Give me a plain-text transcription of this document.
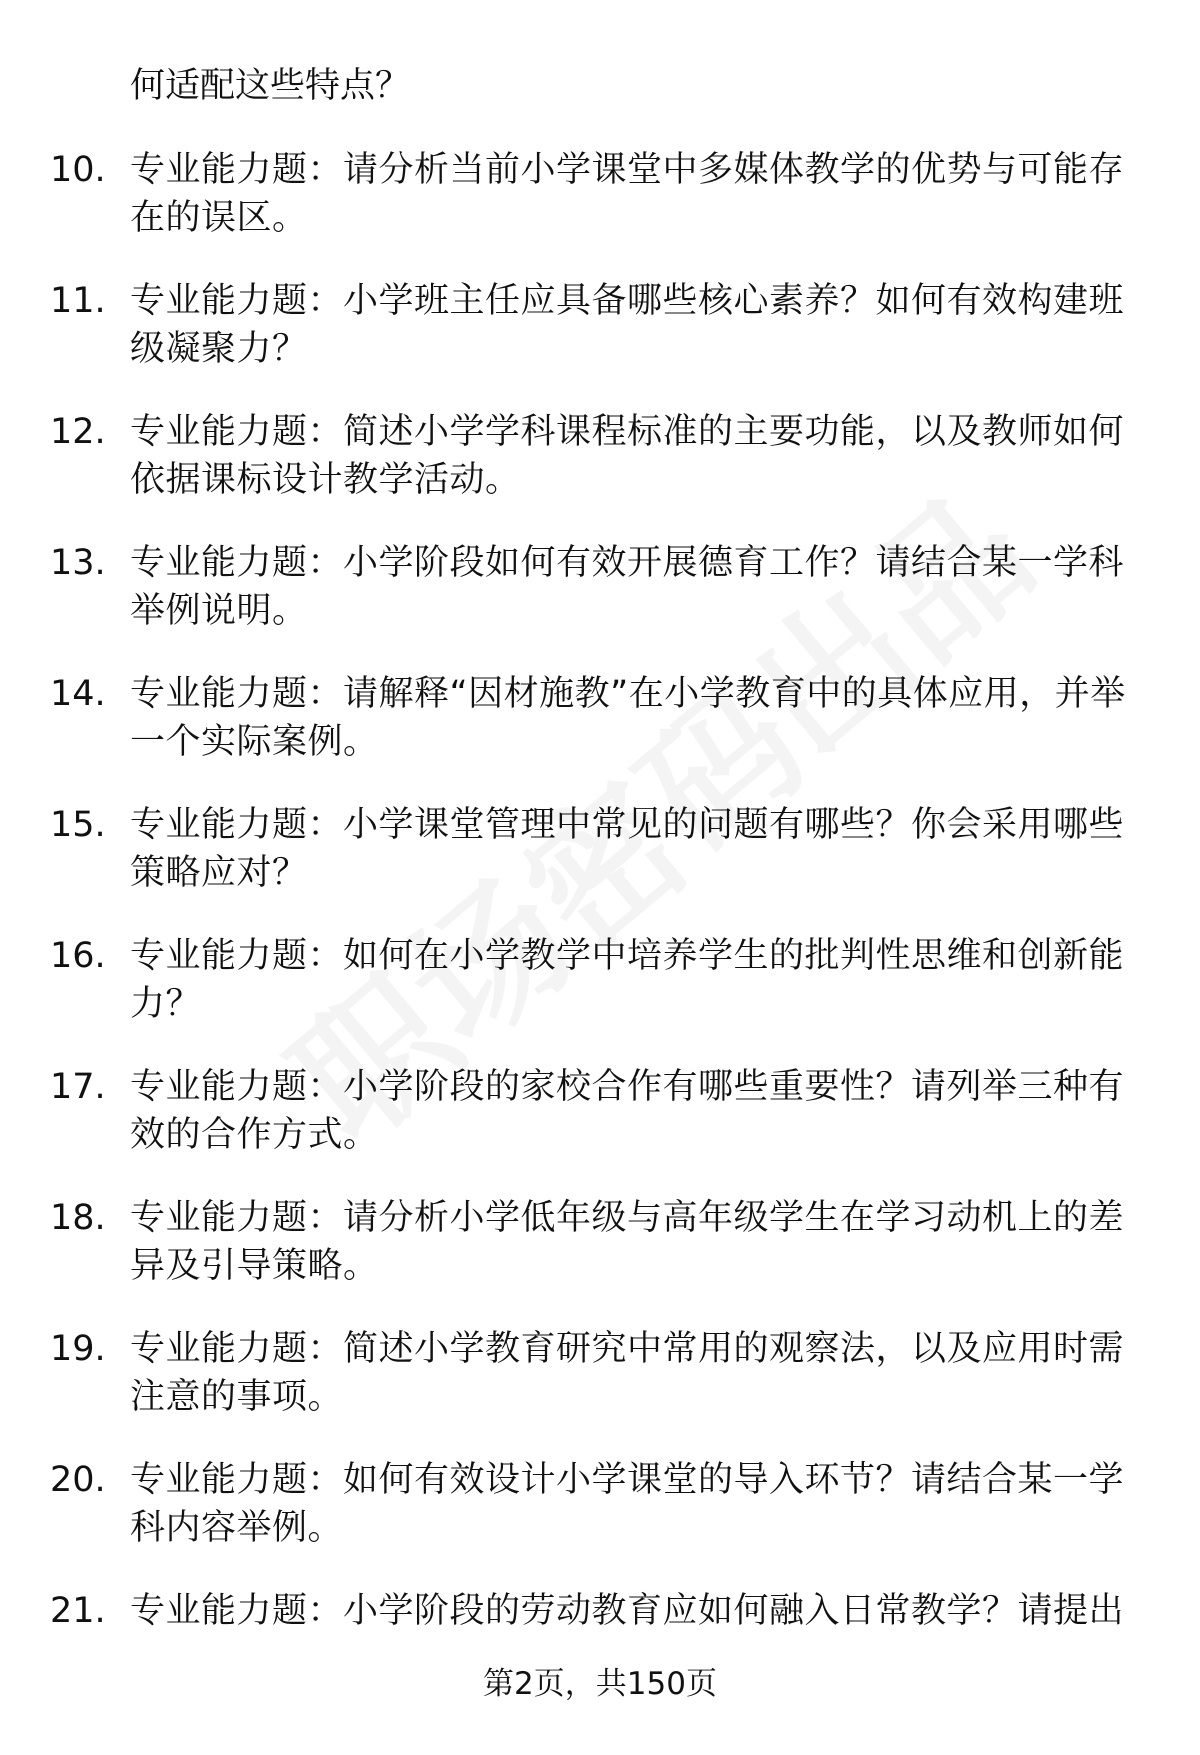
何适配这些特点？
10. 专业能力题：请分析当前小学课堂中多媒体教学的优势与可能存在的误区。
11. 专业能力题：小学班主任应具备哪些核心素养？如何有效构建班级凝聚力？
12. 专业能力题：简述小学学科课程标准的主要功能，以及教师如何依据课标设计教学活动。
13. 专业能力题：小学阶段如何有效开展德育工作？请结合某一学科举例说明。
14. 专业能力题：请解释“因材施教”在小学教育中的具体应用，并举一个实际案例。
15. 专业能力题：小学课堂管理中常见的问题有哪些？你会采用哪些策略应对？
16. 专业能力题：如何在小学教学中培养学生的批判性思维和创新能力？
17. 专业能力题：小学阶段的家校合作有哪些重要性？请列举三种有效的合作方式。
18. 专业能力题：请分析小学低年级与高年级学生在学习动机上的差异及引导策略。
19. 专业能力题：简述小学教育研究中常用的观察法，以及应用时需注意的事项。
20. 专业能力题：如何有效设计小学课堂的导入环节？请结合某一学科内容举例。
21. 专业能力题：小学阶段的劳动教育应如何融入日常教学？请提出
第2页，共150页
